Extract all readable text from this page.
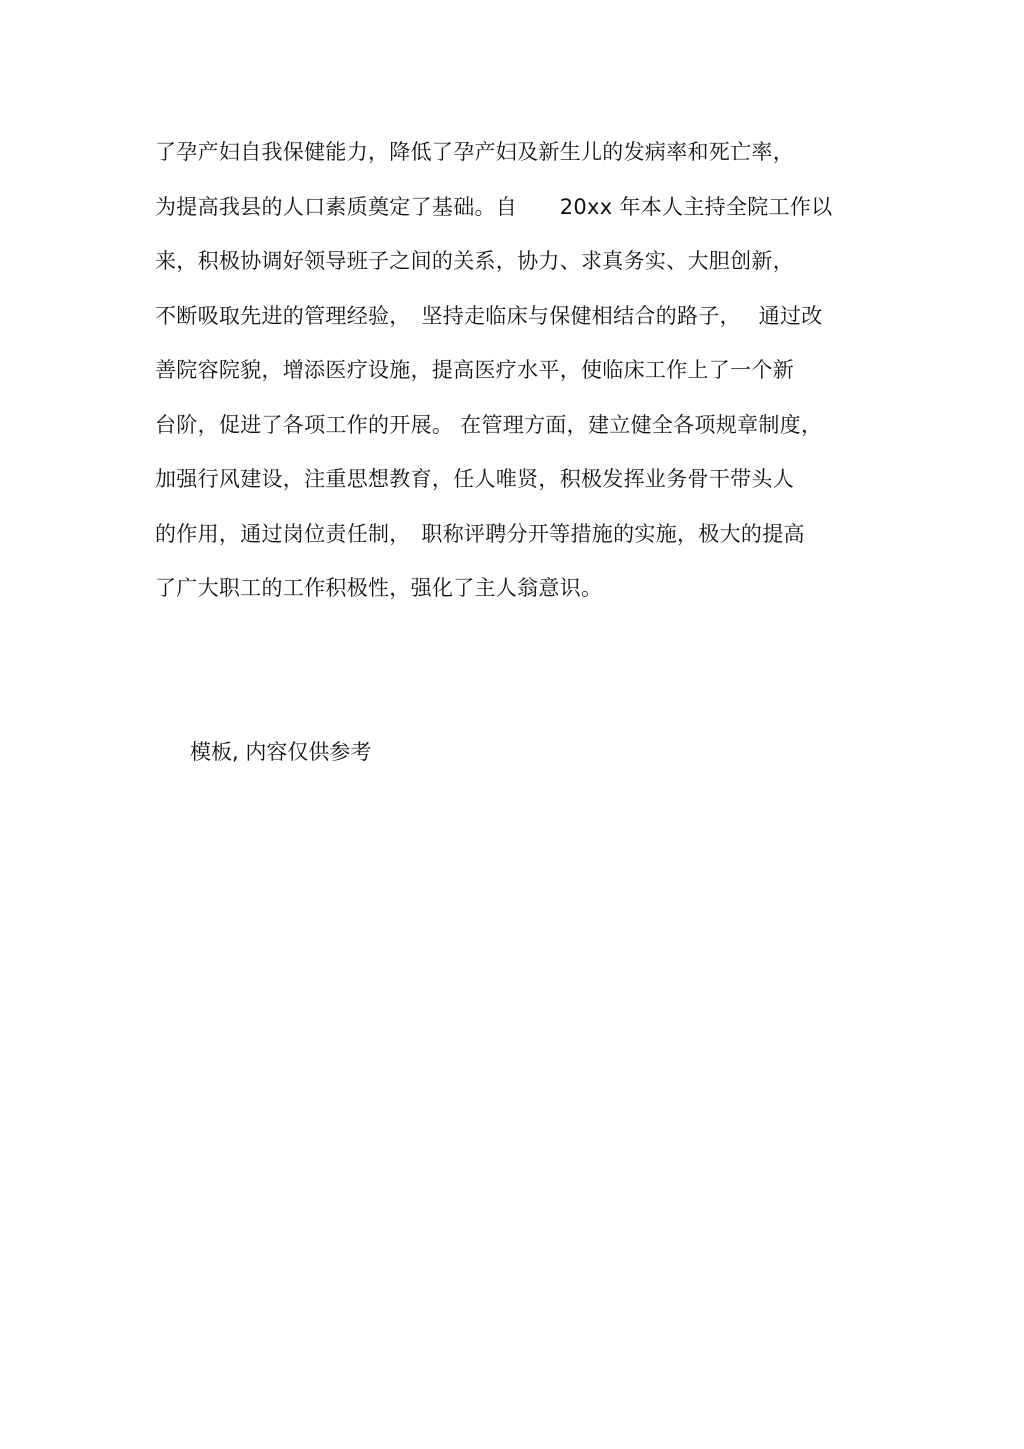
了孕产妇自我保健能力，降低了孕产妇及新生儿的发病率和死亡率，
为提高我县的人口素质奠定了基础。自　　20xx 年本人主持全院工作以
来，积极协调好领导班子之间的关系，协力、求真务实、大胆创新，
不断吸取先进的管理经验，　坚持走临床与保健相结合的路子，　 通过改
善院容院貌，增添医疗设施，提高医疗水平，使临床工作上了一个新
台阶，促进了各项工作的开展。 在管理方面，建立健全各项规章制度，
加强行风建设，注重思想教育，任人唯贤，积极发挥业务骨干带头人
的作用，通过岗位责任制，　职称评聘分开等措施的实施，极大的提高
了广大职工的工作积极性，强化了主人翁意识。
模板, 内容仅供参考
